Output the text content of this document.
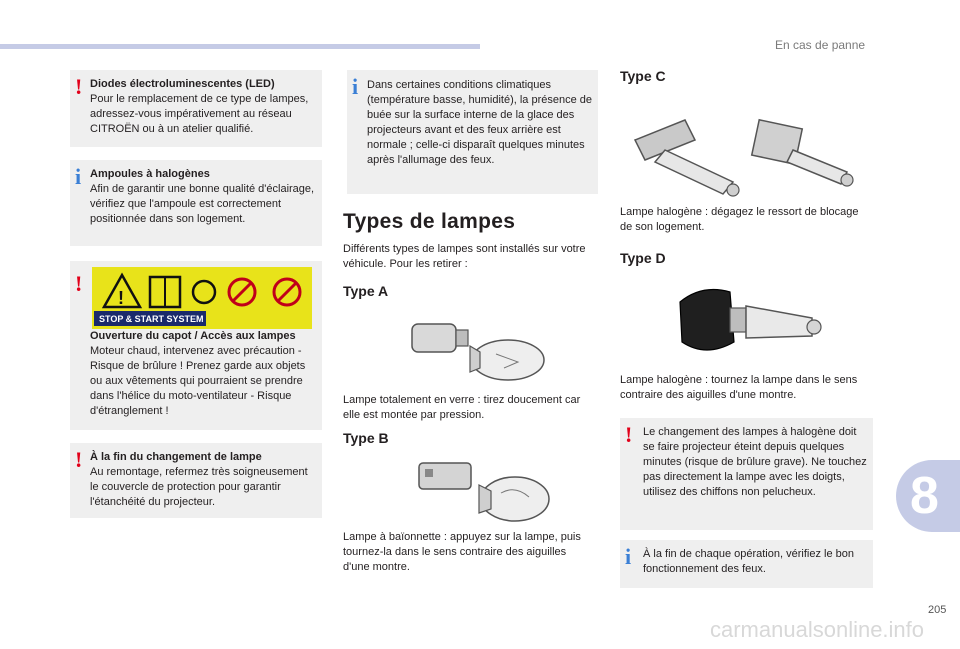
En cas de panne
! Diodes électroluminescentes (LED)
Pour le remplacement de ce type de lampes, adressez-vous impérativement au réseau CITROËN ou à un atelier qualifié.
i Ampoules à halogènes
Afin de garantir une bonne qualité d'éclairage, vérifiez que l'ampoule est correctement positionnée dans son logement.
!
!
STOP & START SYSTEM
Ouverture du capot / Accès aux lampes
Moteur chaud, intervenez avec précaution - Risque de brûlure ! Prenez garde aux objets ou aux vêtements qui pourraient se prendre dans l'hélice du moto-ventilateur - Risque d'étranglement !
! À la fin du changement de lampe
Au remontage, refermez très soigneusement le couvercle de protection pour garantir l'étanchéité du projecteur.
i Dans certaines conditions climatiques (température basse, humidité), la présence de buée sur la surface interne de la glace des projecteurs avant et des feux arrière est normale ; celle-ci disparaît quelques minutes après l'allumage des feux.
Types de lampes
Différents types de lampes sont installés sur votre véhicule. Pour les retirer :
Type A
Lampe totalement en verre : tirez doucement car elle est montée par pression.
Type B
Lampe à baïonnette : appuyez sur la lampe, puis tournez-la dans le sens contraire des aiguilles d'une montre.
Type C
Lampe halogène : dégagez le ressort de blocage de son logement.
Type D
Lampe halogène : tournez la lampe dans le sens contraire des aiguilles d'une montre.
! Le changement des lampes à halogène doit se faire projecteur éteint depuis quelques minutes (risque de brûlure grave). Ne touchez pas directement la lampe avec les doigts, utilisez des chiffons non pelucheux.
i À la fin de chaque opération, vérifiez le bon fonctionnement des feux.
8
205
carmanualsonline.info
